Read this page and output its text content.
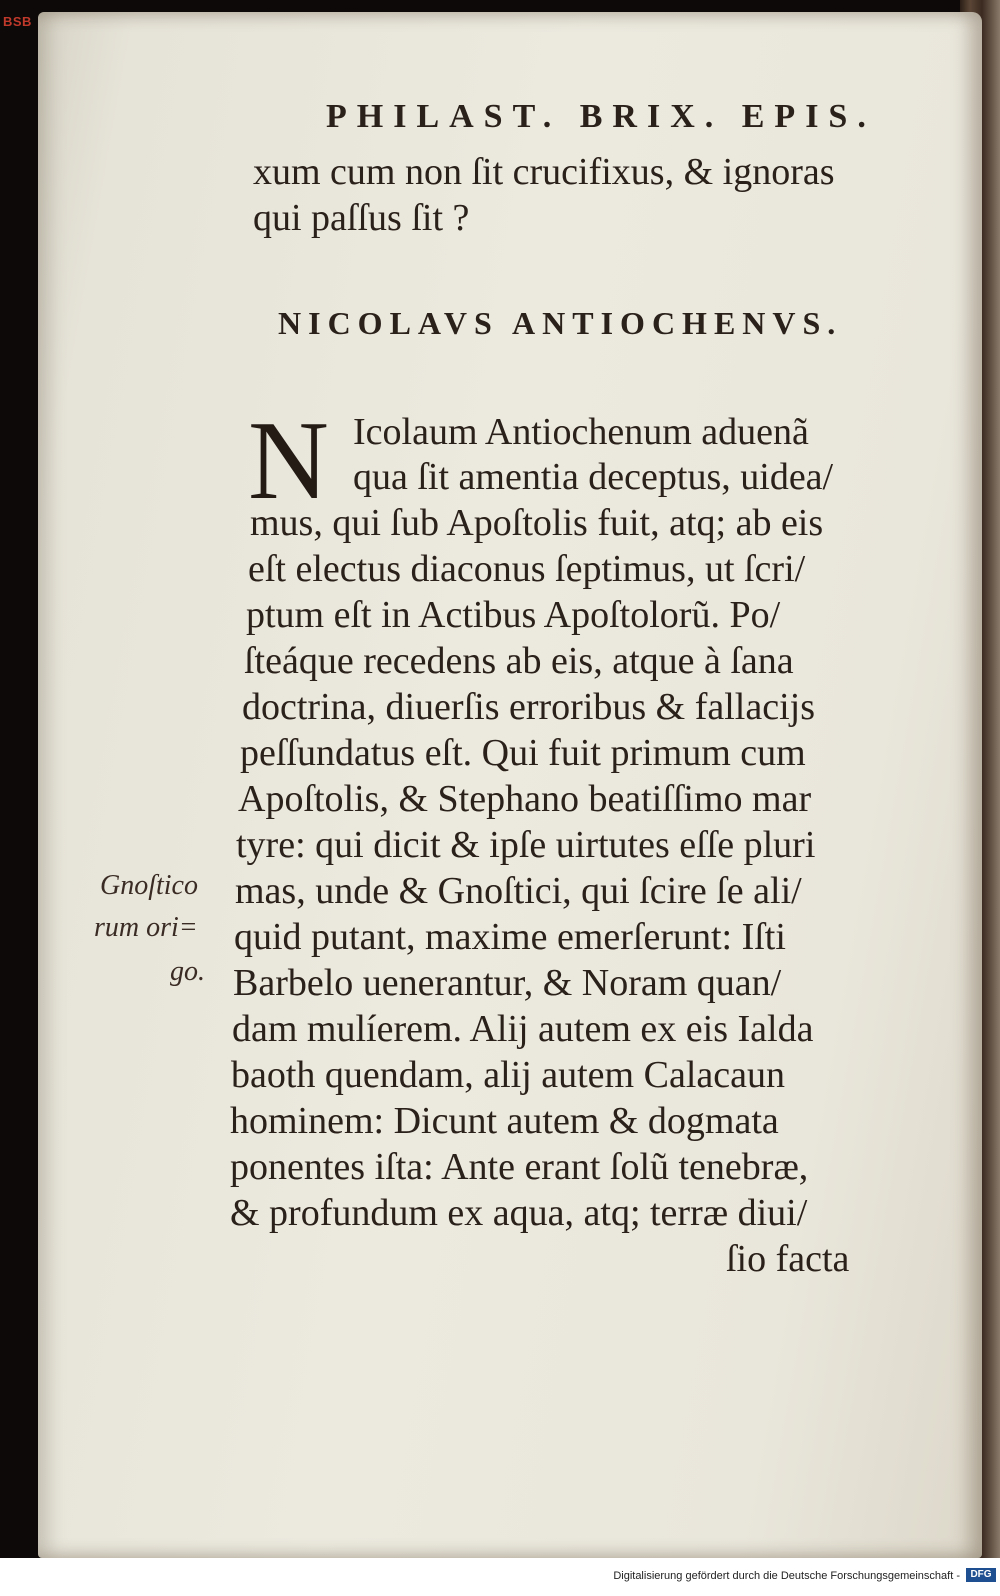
BSB
PHILAST. BRIX. EPIS.
xum cum non ſit crucifixus, & ignoras
qui paſſus ſit ?
NICOLAVS ANTIOCHENVS.
N Icolaum Antiochenum aduenã
qua ſit amentia deceptus, uidea/
mus, qui ſub Apoſtolis fuit, atq; ab eis
eſt electus diaconus ſeptimus, ut ſcri/
ptum eſt in Actibus Apoſtolorũ. Po/
ſteáque recedens ab eis, atque à ſana
doctrina, diuerſis erroribus & fallacijs
peſſundatus eſt. Qui fuit primum cum
Apoſtolis, & Stephano beatiſſimo mar
tyre: qui dicit & ipſe uirtutes eſſe pluri
mas, unde & Gnoſtici, qui ſcire ſe ali/
quid putant, maxime emerſerunt: Iſti
Barbelo uenerantur, & Noram quan/
dam mulíerem. Alij autem ex eis Ialda
baoth quendam, alij autem Calacaun
hominem: Dicunt autem & dogmata
ponentes iſta: Ante erant ſolũ tenebræ,
& profundum ex aqua, atq; terræ diui/
ſio facta
Gnoſtico
rum ori=
go.
Digitalisierung gefördert durch die Deutsche Forschungsgemeinschaft -	DFG
